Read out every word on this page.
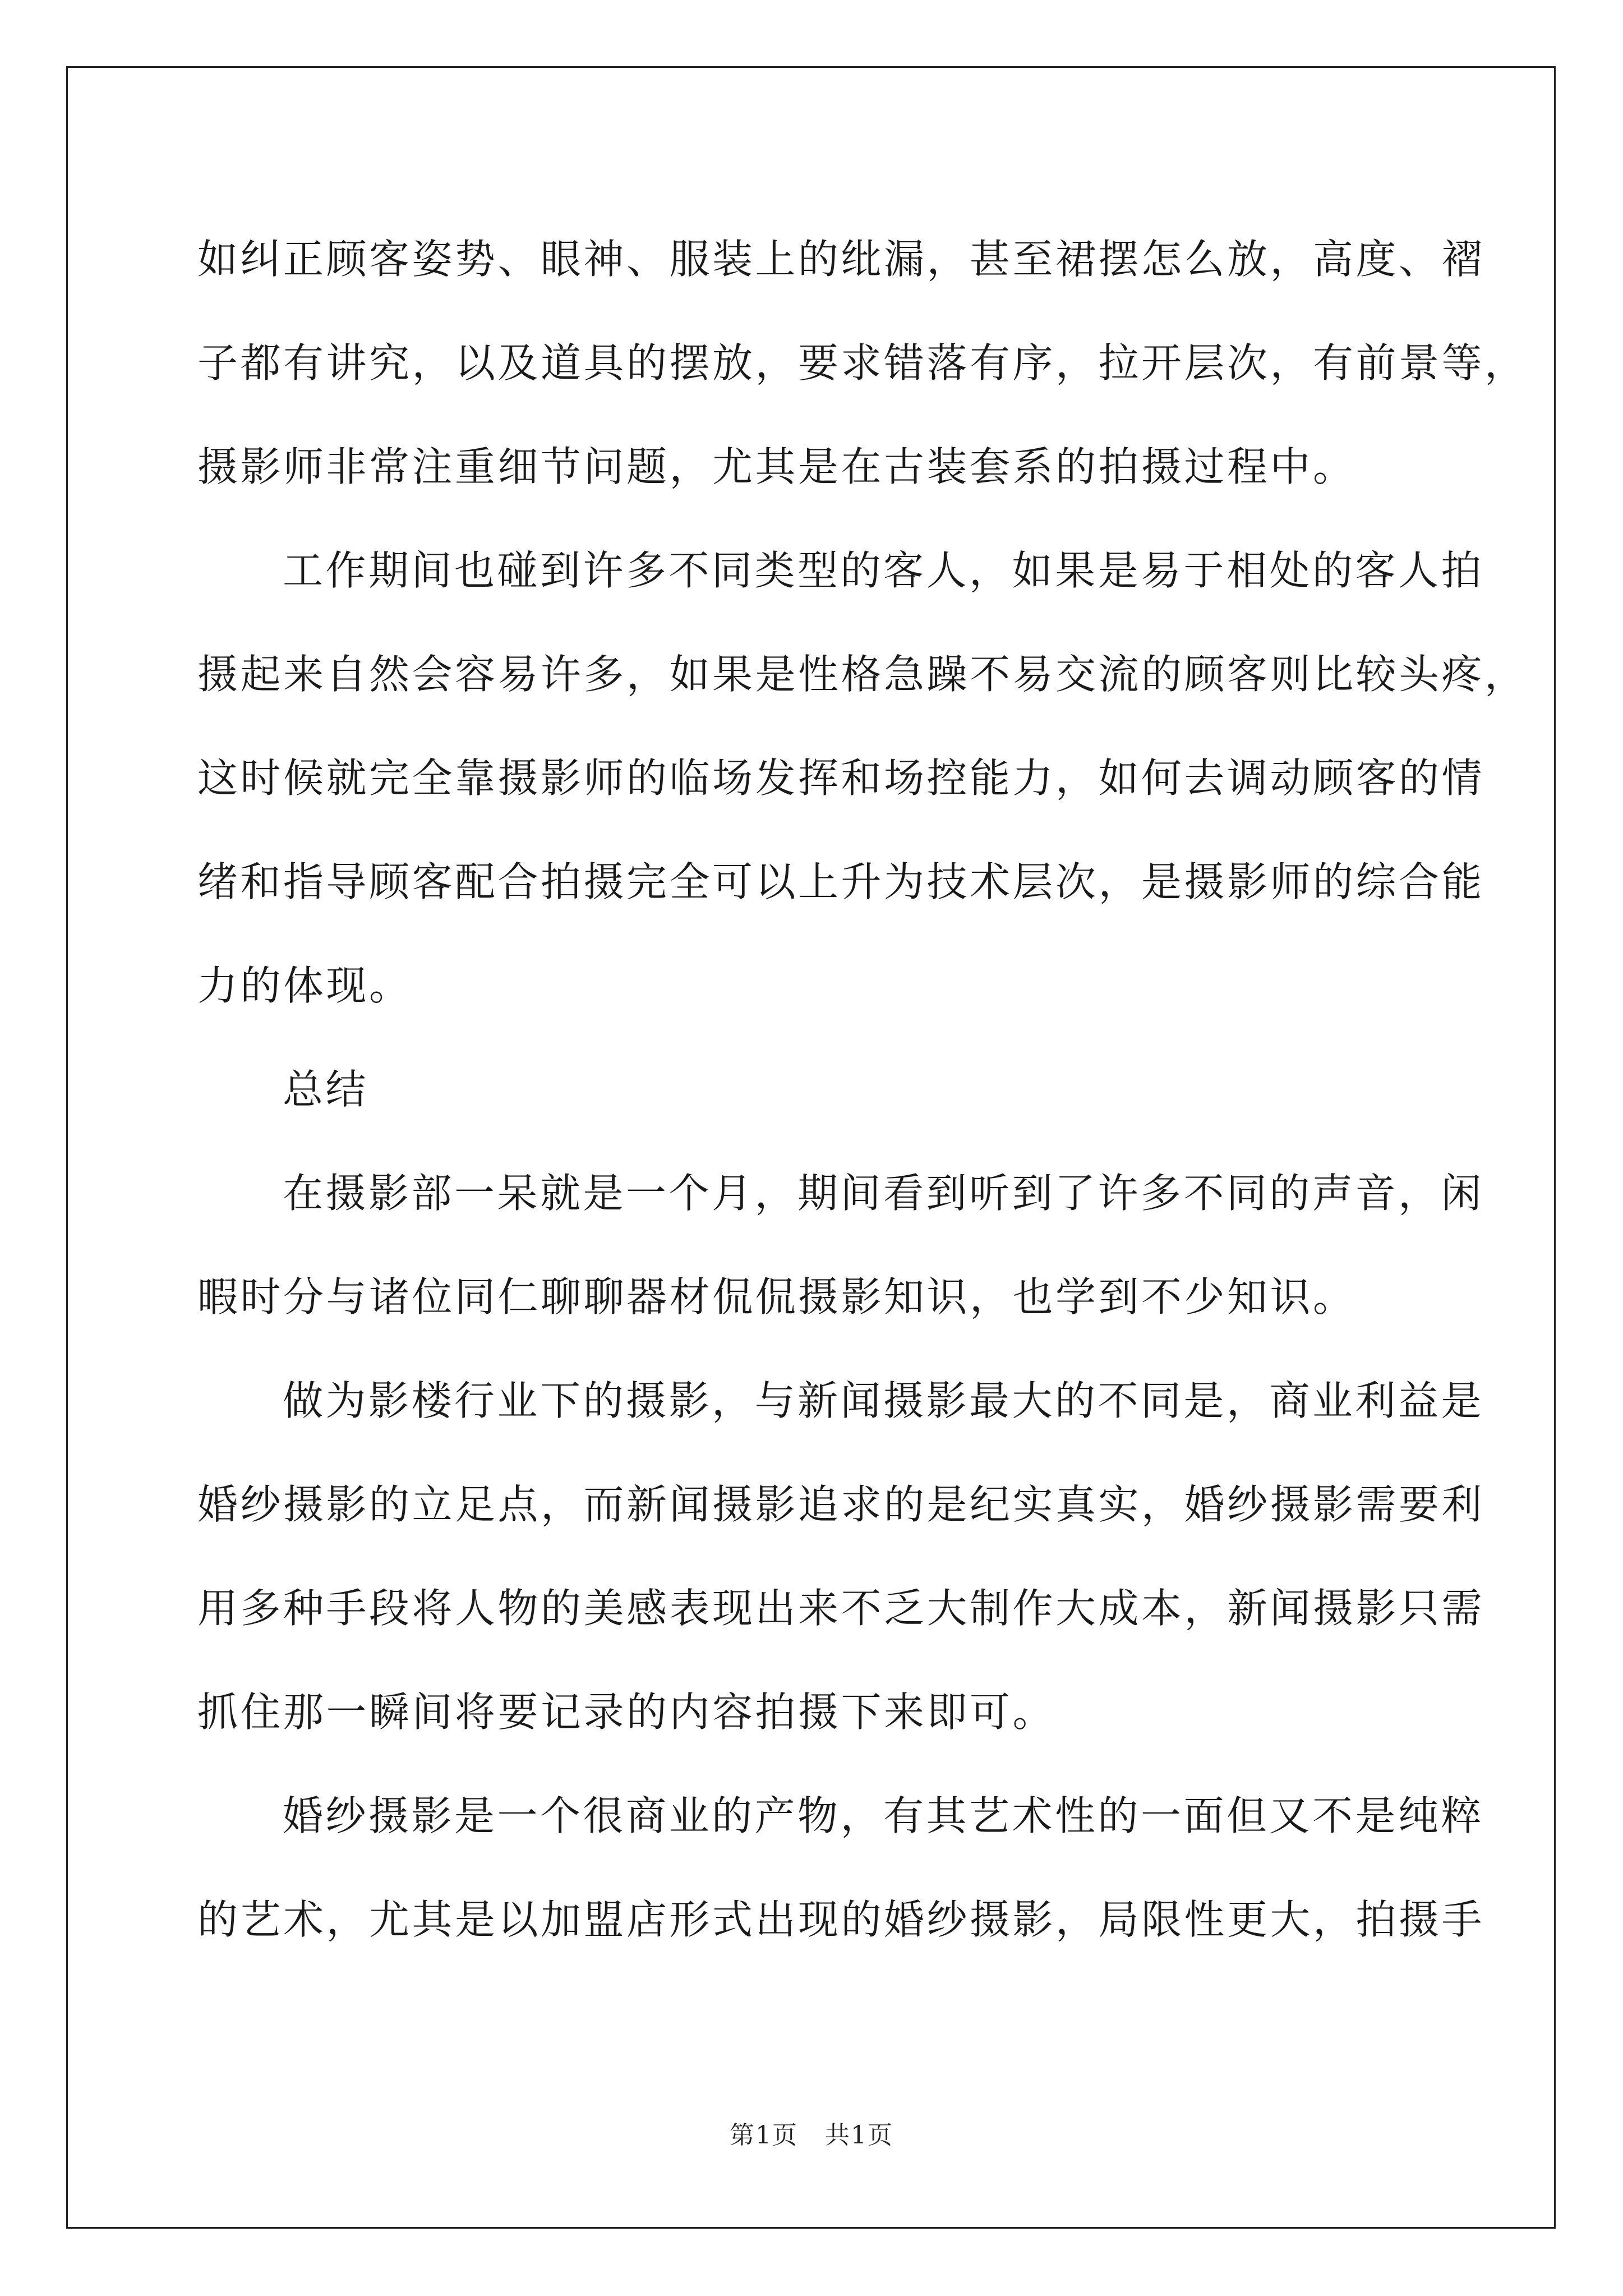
如纠正顾客姿势、眼神、服装上的纰漏，甚至裙摆怎么放，高度、褶
子都有讲究，以及道具的摆放，要求错落有序，拉开层次，有前景等，
摄影师非常注重细节问题，尤其是在古装套系的拍摄过程中。

工作期间也碰到许多不同类型的客人，如果是易于相处的客人拍
摄起来自然会容易许多，如果是性格急躁不易交流的顾客则比较头疼，
这时候就完全靠摄影师的临场发挥和场控能力，如何去调动顾客的情
绪和指导顾客配合拍摄完全可以上升为技术层次，是摄影师的综合能
力的体现。

总结

在摄影部一呆就是一个月，期间看到听到了许多不同的声音，闲
暇时分与诸位同仁聊聊器材侃侃摄影知识，也学到不少知识。

做为影楼行业下的摄影，与新闻摄影最大的不同是，商业利益是
婚纱摄影的立足点，而新闻摄影追求的是纪实真实，婚纱摄影需要利
用多种手段将人物的美感表现出来不乏大制作大成本，新闻摄影只需
抓住那一瞬间将要记录的内容拍摄下来即可。

婚纱摄影是一个很商业的产物，有其艺术性的一面但又不是纯粹
的艺术，尤其是以加盟店形式出现的婚纱摄影，局限性更大，拍摄手

第1页 共1页
